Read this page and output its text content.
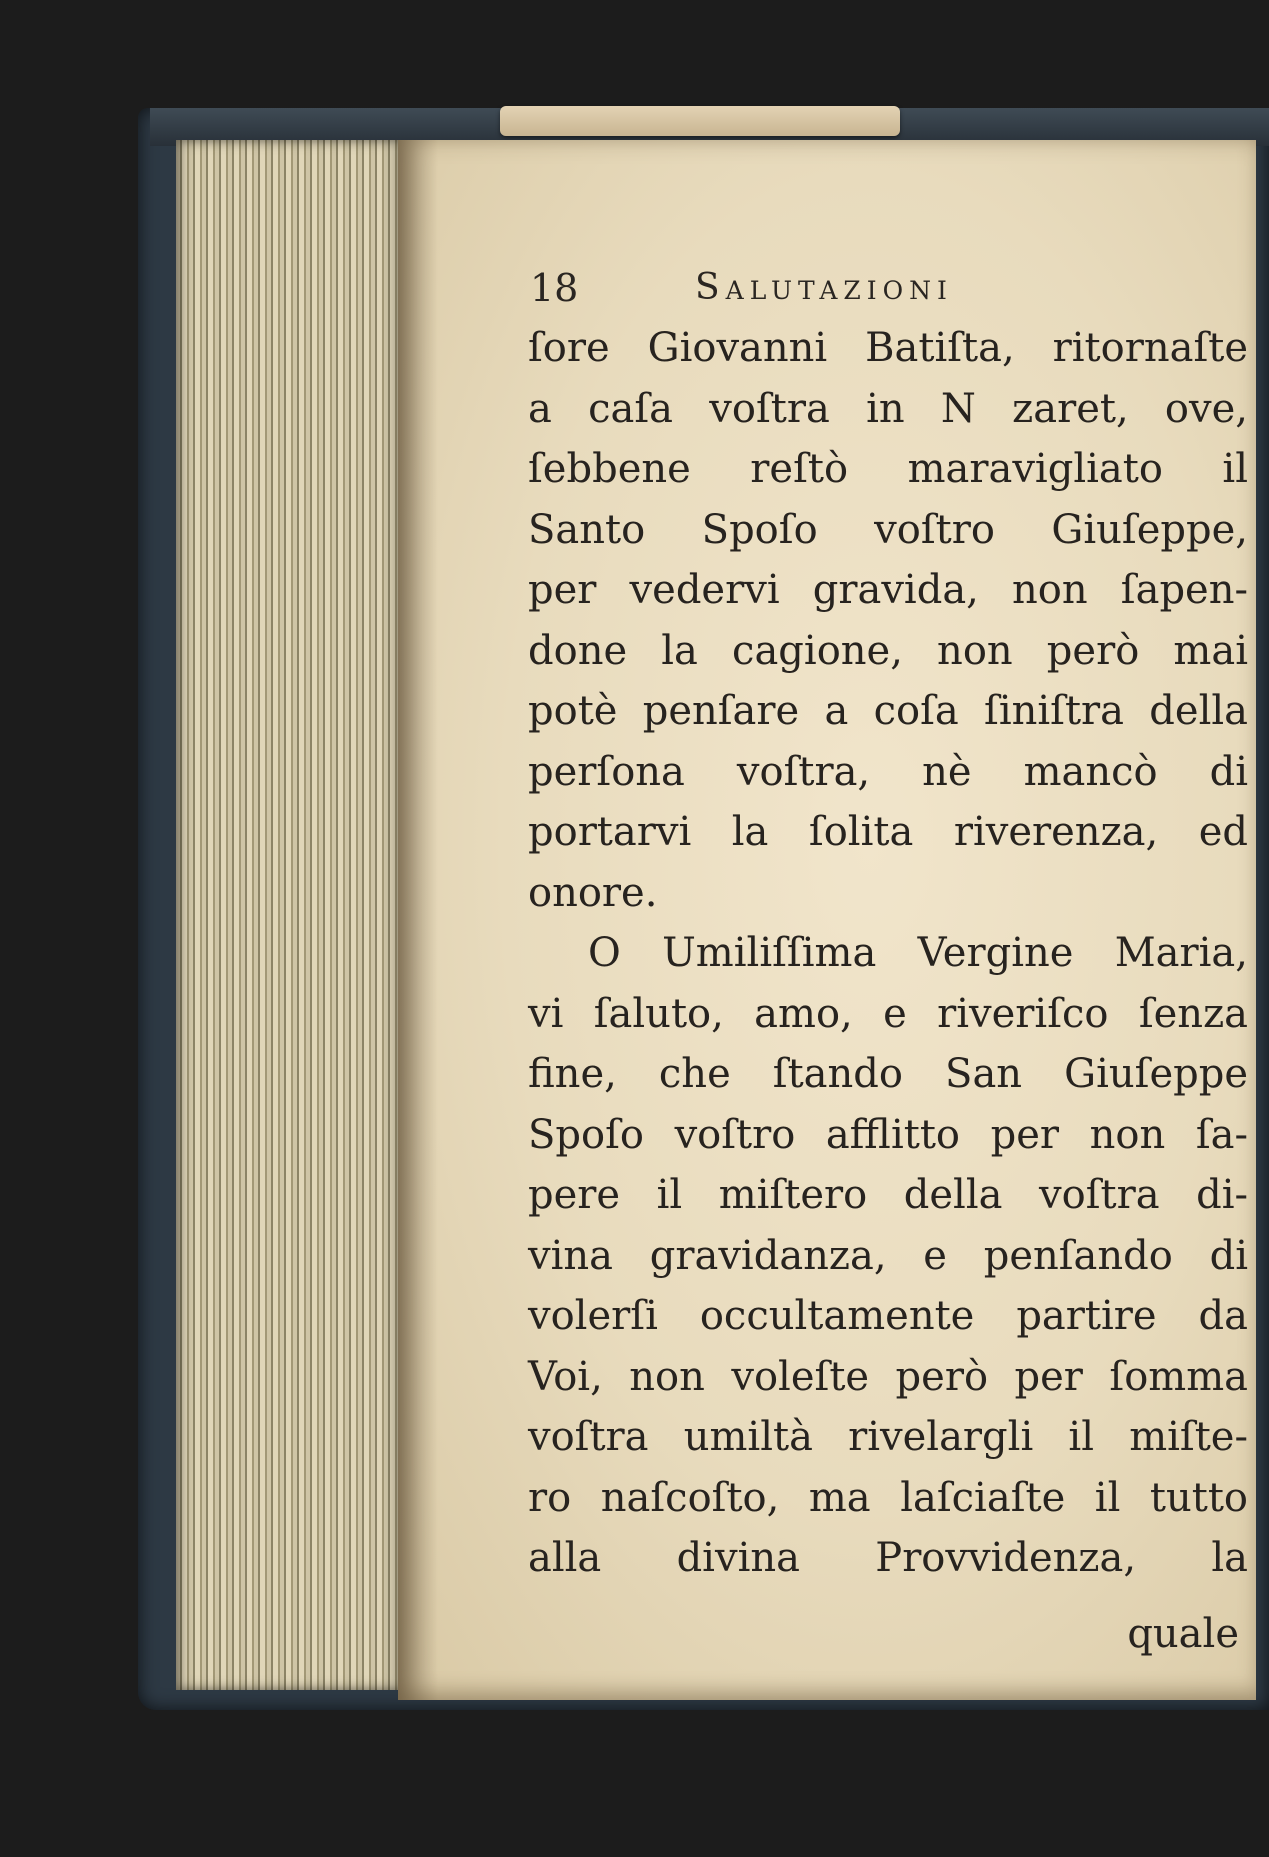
18	Salutazioni
ſore Giovanni Batiſta, ritornaſte
a caſa voſtra in N zaret, ove,
ſebbene reſtò maravigliato il
Santo Spoſo voſtro Giuſeppe,
per vedervi gravida, non ſapen-
done la cagione, non però mai
potè penſare a coſa ſiniſtra della
perſona voſtra, nè mancò di
portarvi la ſolita riverenza, ed
onore.
O Umiliſſima Vergine Maria,
vi ſaluto, amo, e riveriſco ſenza
fine, che ſtando San Giuſeppe
Spoſo voſtro afflitto per non ſa-
pere il miſtero della voſtra di-
vina gravidanza, e penſando di
volerſi occultamente partire da
Voi, non voleſte però per ſomma
voſtra umiltà rivelargli il miſte-
ro naſcoſto, ma laſciaſte il tutto
alla divina Provvidenza, la
quale
